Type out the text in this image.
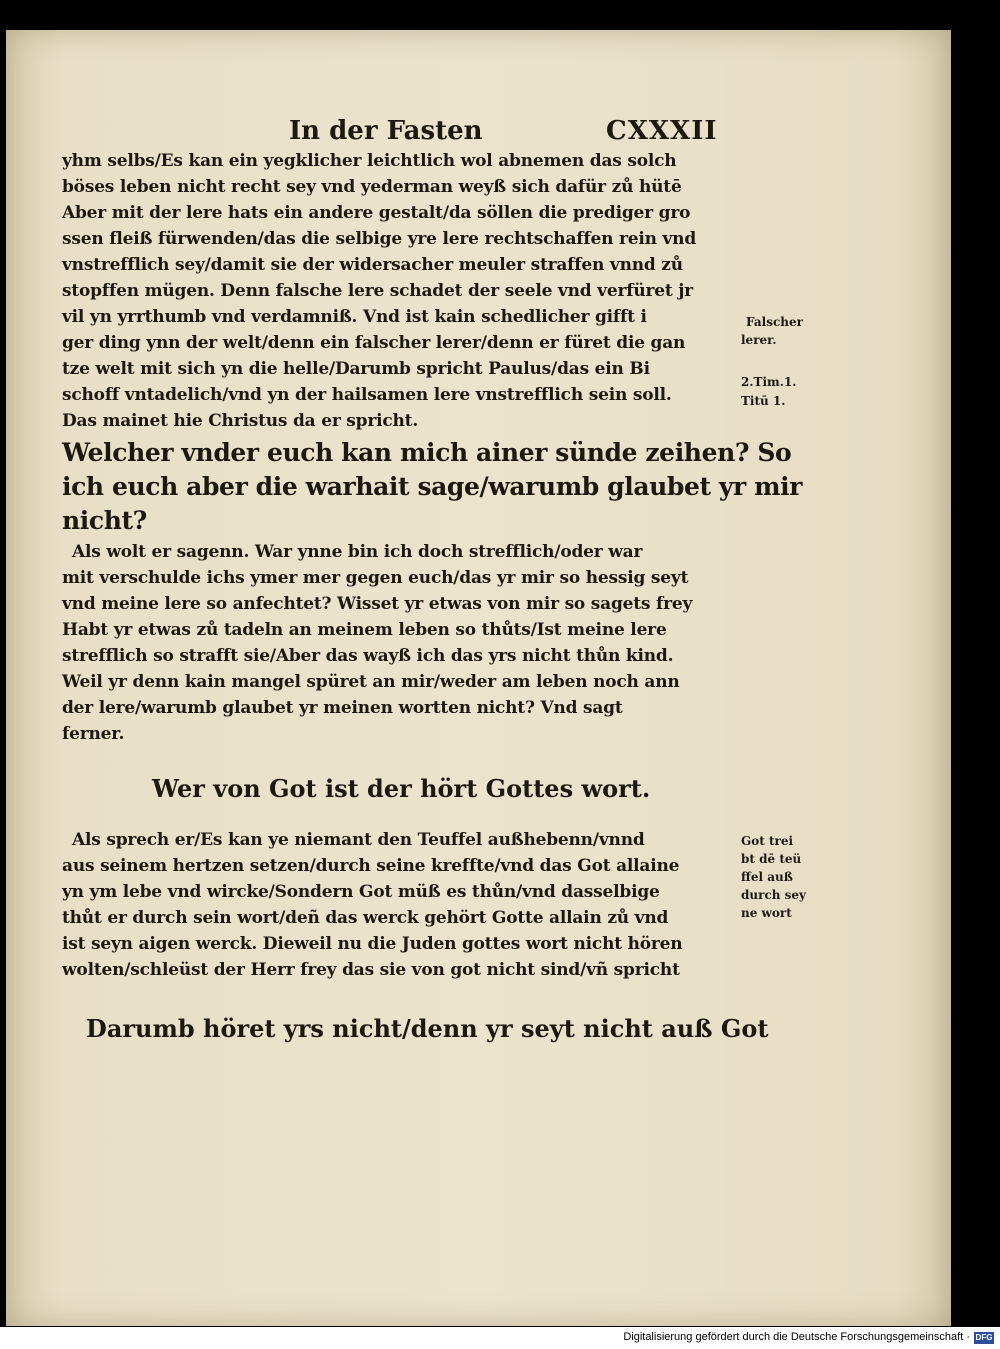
In der Fasten	CXXXII
yhm selbs/Es kan ein yegklicher leichtlich wol abnemen das solch
böses leben nicht recht sey vnd yederman weyß sich dafür zů hütē
Aber mit der lere hats ein andere gestalt/da söllen die prediger gro
ssen fleiß fürwenden/das die selbige yre lere rechtschaffen rein vnd
vnstrefflich sey/damit sie der widersacher meuler straffen vnnd zů
stopffen mügen. Denn falsche lere schadet der seele vnd verfüret jr
vil yn yrrthumb vnd verdamniß. Vnd ist kain schedlicher gifft i
ger ding ynn der welt/denn ein falscher lerer/denn er füret die gan
tze welt mit sich yn die helle/Darumb spricht Paulus/das ein Bi
schoff vntadelich/vnd yn der hailsamen lere vnstrefflich sein soll.
Das mainet hie Christus da er spricht.
Welcher vnder euch kan mich ainer sünde zeihen? So
ich euch aber die warhait sage/warumb glaubet yr mir
nicht?
Als wolt er sagenn. War ynne bin ich doch strefflich/oder war
mit verschulde ichs ymer mer gegen euch/das yr mir so hessig seyt
vnd meine lere so anfechtet? Wisset yr etwas von mir so sagets frey
Habt yr etwas zů tadeln an meinem leben so thůts/Ist meine lere
strefflich so strafft sie/Aber das wayß ich das yrs nicht thůn kind.
Weil yr denn kain mangel spüret an mir/weder am leben noch ann
der lere/warumb glaubet yr meinen wortten nicht? Vnd sagt
ferner.
Wer von Got ist der hört Gottes wort.
Als sprech er/Es kan ye niemant den Teuffel außhebenn/vnnd
aus seinem hertzen setzen/durch seine kreffte/vnd das Got allaine
yn ym lebe vnd wircke/Sondern Got müß es thůn/vnd dasselbige
thůt er durch sein wort/deñ das werck gehört Gotte allain zů vnd
ist seyn aigen werck. Dieweil nu die Juden gottes wort nicht hören
wolten/schleüst der Herr frey das sie von got nicht sind/vñ spricht
Darumb höret yrs nicht/denn yr seyt nicht auß Got
Falscher
lerer.
2.Tim.1.
Titū 1.
Got trei
bt dē teü
ffel auß
durch sey
ne wort
Digitalisierung gefördert durch die Deutsche Forschungsgemeinschaft · DFG
